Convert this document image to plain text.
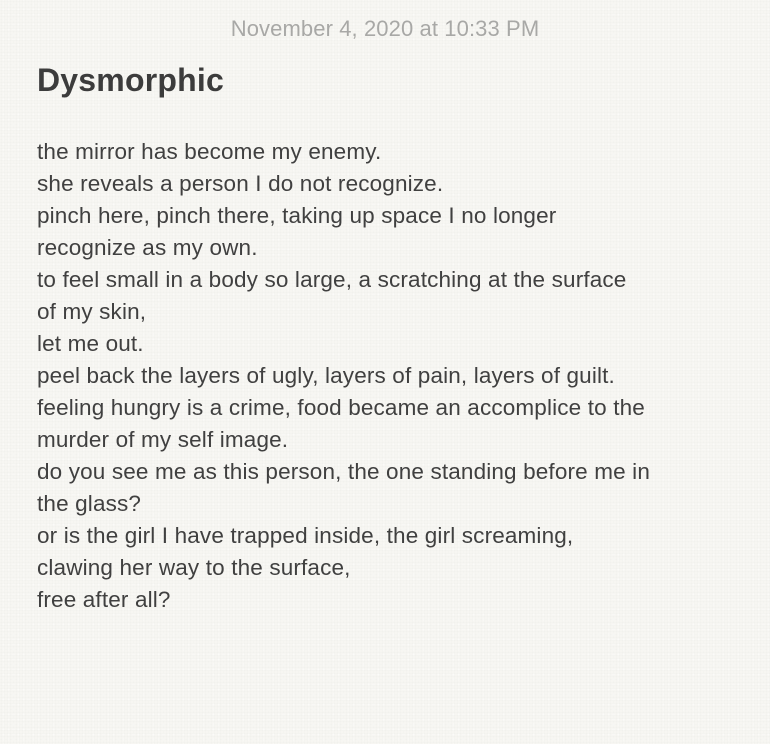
November 4, 2020 at 10:33 PM
Dysmorphic
the mirror has become my enemy.
she reveals a person I do not recognize.
pinch here, pinch there, taking up space I no longer
recognize as my own.
to feel small in a body so large, a scratching at the surface
of my skin,
let me out.
peel back the layers of ugly, layers of pain, layers of guilt.
feeling hungry is a crime, food became an accomplice to the
murder of my self image.
do you see me as this person, the one standing before me in
the glass?
or is the girl I have trapped inside, the girl screaming,
clawing her way to the surface,
free after all?
